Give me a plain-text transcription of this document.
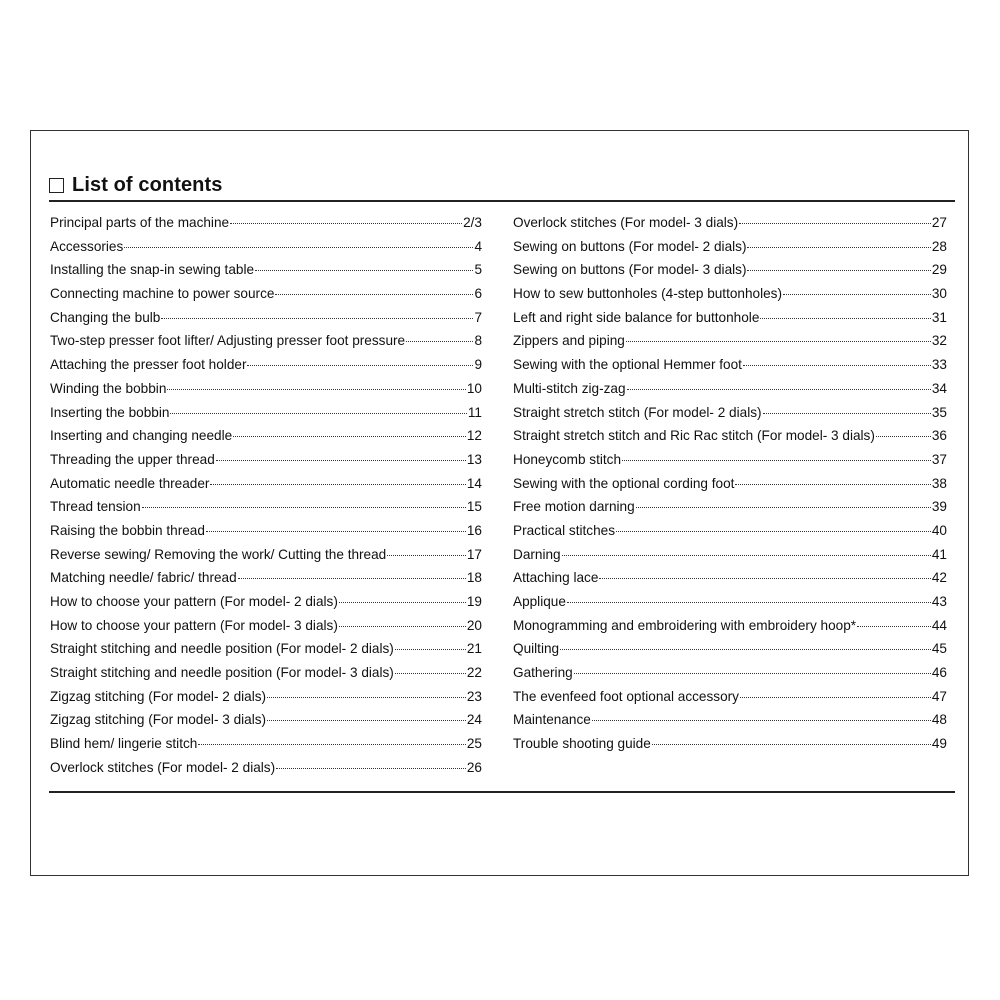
List of contents
Principal parts of the machine	2/3
Accessories	4
Installing the snap-in sewing table	5
Connecting machine to power source	6
Changing the bulb	7
Two-step presser foot lifter/ Adjusting presser foot pressure	8
Attaching the presser foot holder	9
Winding the bobbin	10
Inserting the bobbin	11
Inserting and changing needle	12
Threading the upper thread	13
Automatic needle threader	14
Thread tension	15
Raising the bobbin thread	16
Reverse sewing/ Removing the work/ Cutting the thread	17
Matching needle/ fabric/ thread	18
How to choose your pattern (For model- 2 dials)	19
How to choose your pattern (For model- 3 dials)	20
Straight stitching and needle position (For model- 2 dials)	21
Straight stitching and needle position (For model- 3 dials)	22
Zigzag stitching (For model- 2 dials)	23
Zigzag stitching (For model- 3 dials)	24
Blind hem/ lingerie stitch	25
Overlock stitches (For model- 2 dials)	26
Overlock stitches (For model- 3 dials)	27
Sewing on buttons (For model- 2 dials)	28
Sewing on buttons (For model- 3 dials)	29
How to sew buttonholes (4-step buttonholes)	30
Left and right side balance for buttonhole	31
Zippers and piping	32
Sewing with the optional Hemmer foot	33
Multi-stitch zig-zag	34
Straight stretch stitch (For model- 2 dials)	35
Straight stretch stitch and Ric Rac stitch (For model- 3 dials)	36
Honeycomb stitch	37
Sewing with the optional cording foot	38
Free motion darning	39
Practical stitches	40
Darning	41
Attaching lace	42
Applique	43
Monogramming and embroidering with embroidery hoop*	44
Quilting	45
Gathering	46
The evenfeed foot optional accessory	47
Maintenance	48
Trouble shooting guide	49
